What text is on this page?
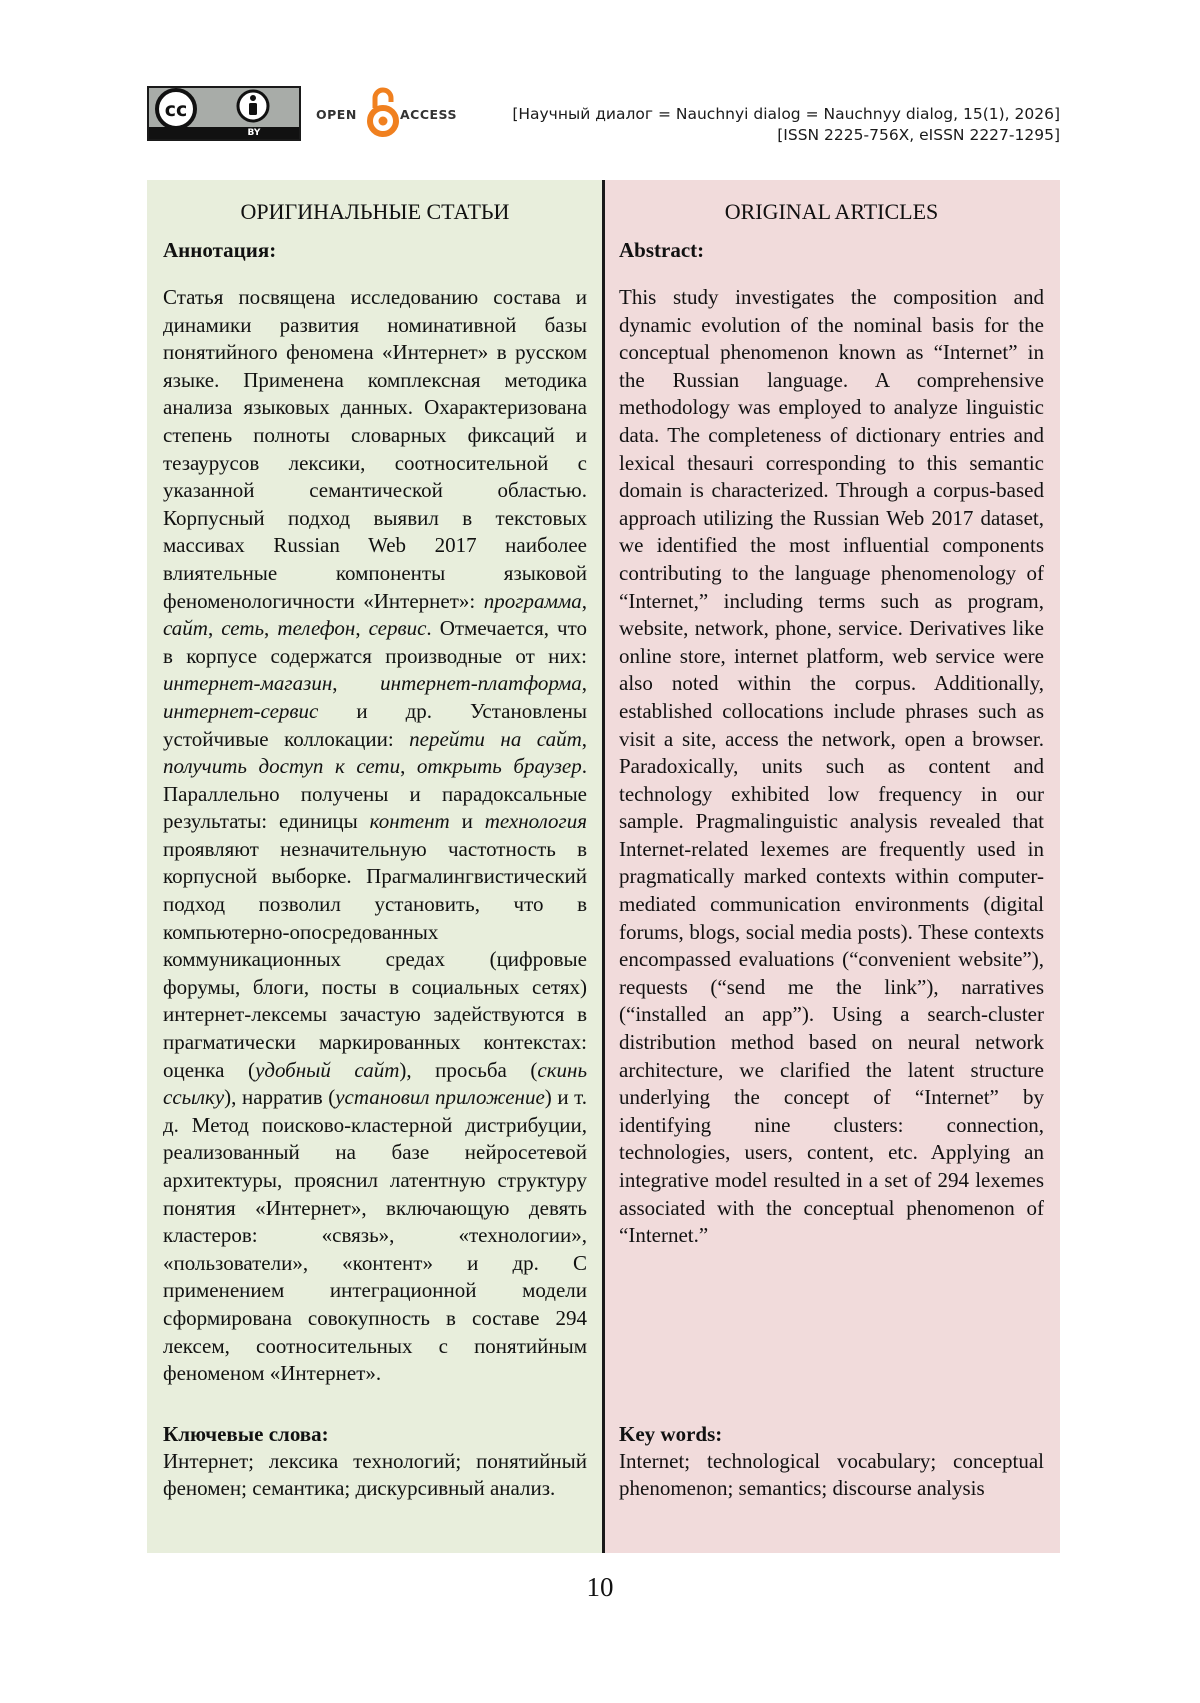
cc
BY
OPEN	ACCESS	[Научный диалог = Nauchnyi dialog = Nauchnyy dialog, 15(1), 2026]
[ISSN 2225-756X, eISSN 2227-1295]
ОРИГИНАЛЬНЫЕ СТАТЬИ

Аннотация:

Статья посвящена исследованию состава и динамики развития номинативной базы понятийного феномена «Интернет» в русском языке. Применена комплексная методика анализа языковых данных. Охарактеризована степень полноты словарных фиксаций и тезаурусов лексики, соотносительной с указанной семантической областью. Корпусный подход выявил в текстовых массивах Russian Web 2017 наиболее влиятельные компоненты языковой феноменологичности «Интернет»: программа, сайт, сеть, телефон, сервис. Отмечается, что в корпусе содержатся производные от них: интернет-магазин, интернет-платформа, интернет-сервис и др. Установлены устойчивые коллокации: перейти на сайт, получить доступ к сети, открыть браузер. Параллельно получены и парадоксальные результаты: единицы контент и технология проявляют незначительную частотность в корпусной выборке. Прагмалингвистический подход позволил установить, что в компьютерно-опосредованных коммуникационных средах (цифровые форумы, блоги, посты в социальных сетях) интернет-лексемы зачастую задействуются в прагматически маркированных контекстах: оценка (удобный сайт), просьба (скинь ссылку), нарратив (установил приложение) и т. д. Метод поисково-кластерной дистрибуции, реализованный на базе нейросетевой архитектуры, прояснил латентную структуру понятия «Интернет», включающую девять кластеров: «связь», «технологии», «пользователи», «контент» и др. С применением интеграционной модели сформирована совокупность в составе 294 лексем, соотносительных с понятийным феноменом «Интернет».

Ключевые слова:

Интернет; лексика технологий; понятийный феномен; семантика; дискурсивный анализ.

ORIGINAL ARTICLES

Abstract:

This study investigates the composition and dynamic evolution of the nominal basis for the conceptual phenomenon known as “Internet” in the Russian language. A comprehensive methodology was employed to analyze linguistic data. The completeness of dictionary entries and lexical thesauri corresponding to this semantic domain is characterized. Through a corpus-based approach utilizing the Russian Web 2017 dataset, we identified the most influential components contributing to the language phenomenology of “Internet,” including terms such as program, website, network, phone, service. Derivatives like online store, internet platform, web service were also noted within the corpus. Additionally, established collocations include phrases such as visit a site, access the network, open a browser. Paradoxically, units such as content and technology exhibited low frequency in our sample. Pragmalinguistic analysis revealed that Internet-related lexemes are frequently used in pragmatically marked contexts within computer-mediated communication environments (digital forums, blogs, social media posts). These contexts encompassed evaluations (“convenient website”), requests (“send me the link”), narratives (“installed an app”). Using a search-cluster distribution method based on neural network architecture, we clarified the latent structure underlying the concept of “Internet” by identifying nine clusters: connection, technologies, users, content, etc. Applying an integrative model resulted in a set of 294 lexemes associated with the conceptual phenomenon of “Internet.”

Key words:

Internet; technological vocabulary; conceptual phenomenon; semantics; discourse analysis

10
